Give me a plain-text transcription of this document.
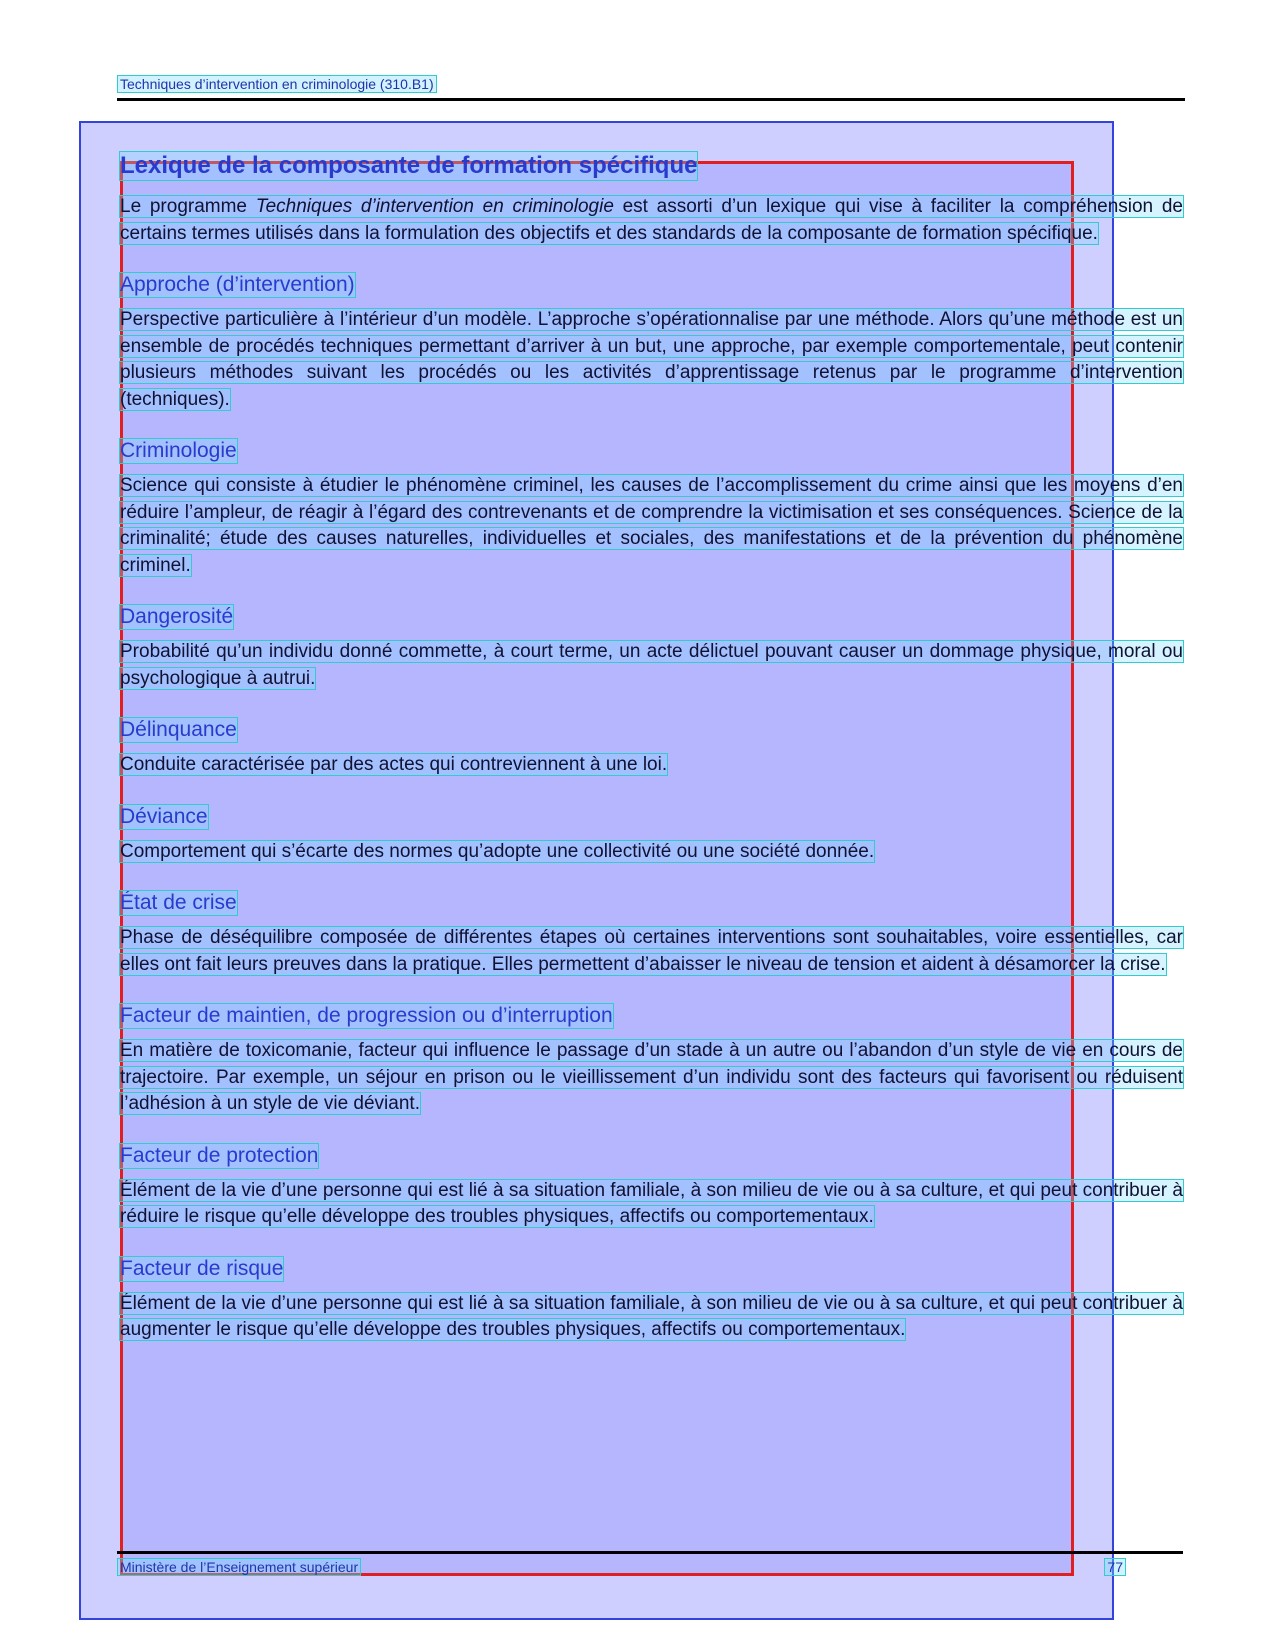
Techniques d’intervention en criminologie (310.B1)
Lexique de la composante de formation spécifique

Le programme Techniques d’intervention en criminologie est assorti d’un lexique qui vise à faciliter la compréhension de certains termes utilisés dans la formulation des objectifs et des standards de la composante de formation spécifique.

Approche (d’intervention)

Perspective particulière à l’intérieur d’un modèle. L’approche s’opérationnalise par une méthode. Alors qu’une méthode est un ensemble de procédés techniques permettant d’arriver à un but, une approche, par exemple comportementale, peut contenir plusieurs méthodes suivant les procédés ou les activités d’apprentissage retenus par le programme d’intervention (techniques).

Criminologie

Science qui consiste à étudier le phénomène criminel, les causes de l’accomplissement du crime ainsi que les moyens d’en réduire l’ampleur, de réagir à l’égard des contrevenants et de comprendre la victimisation et ses conséquences. Science de la criminalité; étude des causes naturelles, individuelles et sociales, des manifestations et de la prévention du phénomène criminel.

Dangerosité

Probabilité qu’un individu donné commette, à court terme, un acte délictuel pouvant causer un dommage physique, moral ou psychologique à autrui.

Délinquance

Conduite caractérisée par des actes qui contreviennent à une loi.

Déviance

Comportement qui s’écarte des normes qu’adopte une collectivité ou une société donnée.

État de crise

Phase de déséquilibre composée de différentes étapes où certaines interventions sont souhaitables, voire essentielles, car elles ont fait leurs preuves dans la pratique. Elles permettent d’abaisser le niveau de tension et aident à désamorcer la crise.

Facteur de maintien, de progression ou d’interruption

En matière de toxicomanie, facteur qui influence le passage d’un stade à un autre ou l’abandon d’un style de vie en cours de trajectoire. Par exemple, un séjour en prison ou le vieillissement d’un individu sont des facteurs qui favorisent ou réduisent l’adhésion à un style de vie déviant.

Facteur de protection

Élément de la vie d’une personne qui est lié à sa situation familiale, à son milieu de vie ou à sa culture, et qui peut contribuer à réduire le risque qu’elle développe des troubles physiques, affectifs ou comportementaux.

Facteur de risque

Élément de la vie d’une personne qui est lié à sa situation familiale, à son milieu de vie ou à sa culture, et qui peut contribuer à augmenter le risque qu’elle développe des troubles physiques, affectifs ou comportementaux.

Ministère de l’Enseignement supérieur	77
